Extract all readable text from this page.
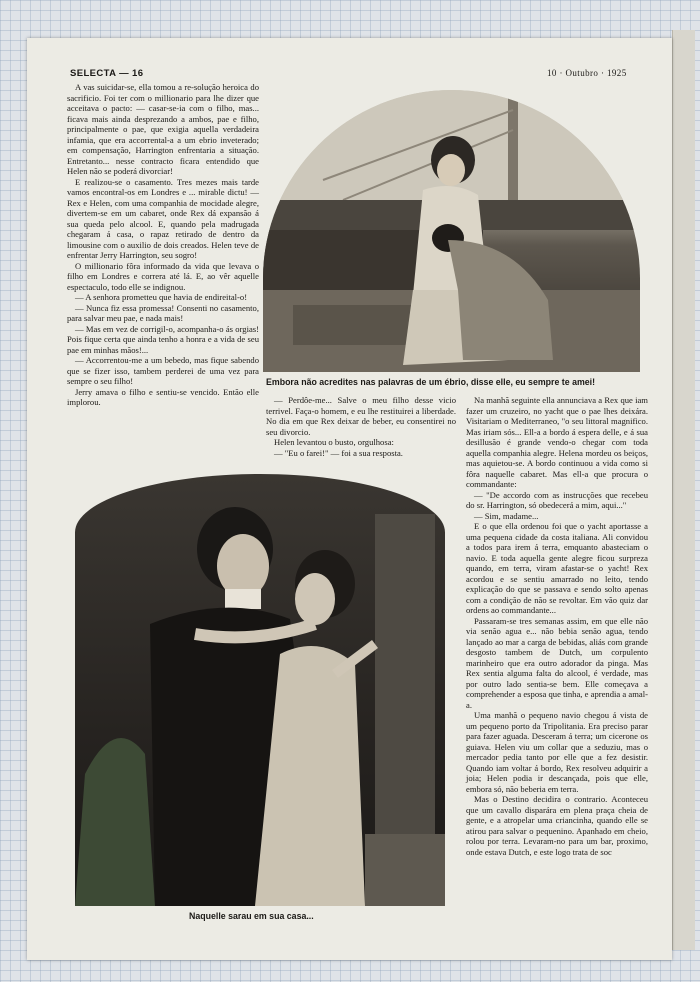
SELECTA — 16	10 · Outubro · 1925

A vas suicidar-se, ella tomou a re-solução heroica do sacrificio. Foi ter com o millionario para lhe dizer que acceitava o pacto: — casar-se-ia com o filho, mas... ficava mais ainda desprezando a ambos, pae e filho, principalmente o pae, que exigia aquella verdadeira infamia, que era accorrental-a a um ebrio inveterado; em compensação, Harrington enfrentaria a situação. Entretanto... nesse contracto ficara entendido que Helen não se poderá divorciar!

E realizou-se o casamento. Tres mezes mais tarde vamos encontral-os em Londres e ... mirable dictu! — Rex e Helen, com uma companhia de mocidade alegre, divertem-se em um cabaret, onde Rex dá expansão á sua queda pelo alcool. E, quando pela madrugada chegaram á casa, o rapaz retirado de dentro da limousine com o auxilio de dois creados. Helen teve de enfrentar Jerry Harrington, seu sogro!

O millionario fôra informado da vida que levava o filho em Londres e correra até lá. E, ao vêr aquelle espectaculo, todo elle se indignou.

— A senhora prometteu que havia de endireital-o!

— Nunca fiz essa promessa! Consenti no casamento, para salvar meu pae, e nada mais!

— Mas em vez de corrigil-o, acompanha-o ás orgias! Pois fique certa que ainda tenho a honra e a vida de seu pae em minhas mãos!...

— Accorrentou-me a um bebedo, mas fique sabendo que se fizer isso, tambem perderei de uma vez para sempre o seu filho!

Jerry amava o filho e sentiu-se vencido. Então elle implorou.

Embora não acredites nas palavras de um ébrio, disse elle, eu sempre te amei!

— Perdôe-me... Salve o meu filho desse vicio terrivel. Faça-o homem, e eu lhe restituirei a liberdade. No dia em que Rex deixar de beber, eu consentirei no seu divorcio.

Helen levantou o busto, orgulhosa:

— "Eu o farei!" — foi a sua resposta.

Na manhã seguinte ella annunciava a Rex que iam fazer um cruzeiro, no yacht que o pae lhes deixára. Visitariam o Mediterraneo, "o seu littoral magnifico. Mas iriam sós... Ell-a a bordo á espera delle, e á sua desillusão é grande vendo-o chegar com toda aquella companhia alegre. Helena mordeu os beiços, mas aquietou-se. A bordo continuou a vida como si fôra naquelle cabaret. Mas ell-a que procura o commandante:

— "De accordo com as instrucções que recebeu do sr. Harrington, só obedecerá a mim, aqui..."

— Sim, madame...

E o que ella ordenou foi que o yacht aportasse a uma pequena cidade da costa italiana. Ali convidou a todos para irem á terra, emquanto abasteciam o navio. E toda aquella gente alegre ficou surpreza quando, em terra, viram afastar-se o yacht! Rex acordou e se sentiu amarrado no leito, tendo explicação do que se passava e sendo solto apenas com a condição de não se revoltar. Em vão quiz dar ordens ao commandante...

Passaram-se tres semanas assim, em que elle não via senão agua e... não bebia senão agua, tendo lançado ao mar a carga de bebidas, aliás com grande desgosto tambem de Dutch, um corpulento marinheiro que era outro adorador da pinga. Mas Rex sentia alguma falta do alcool, é verdade, mas por outro lado sentia-se bem. Elle começava a comprehender a esposa que tinha, e aprendia a amal-a.

Uma manhã o pequeno navio chegou á vista de um pequeno porto da Tripolitania. Era preciso parar para fazer aguada. Desceram á terra; um cicerone os guiava. Helen viu um collar que a seduziu, mas o mercador pedia tanto por elle que a fez desistir. Quando iam voltar á bordo, Rex resolveu adquirir a joia; Helen podia ir descançada, pois que elle, embora só, não beberia em terra.

Mas o Destino decidira o contrario. Aconteceu que um cavallo disparára em plena praça cheia de gente, e a atropelar uma criancinha, quando elle se atirou para salvar o pequenino. Apanhado em cheio, rolou por terra. Levaram-no para um bar, proximo, onde estava Dutch, e este logo trata de soc

Naquelle sarau em sua casa...
